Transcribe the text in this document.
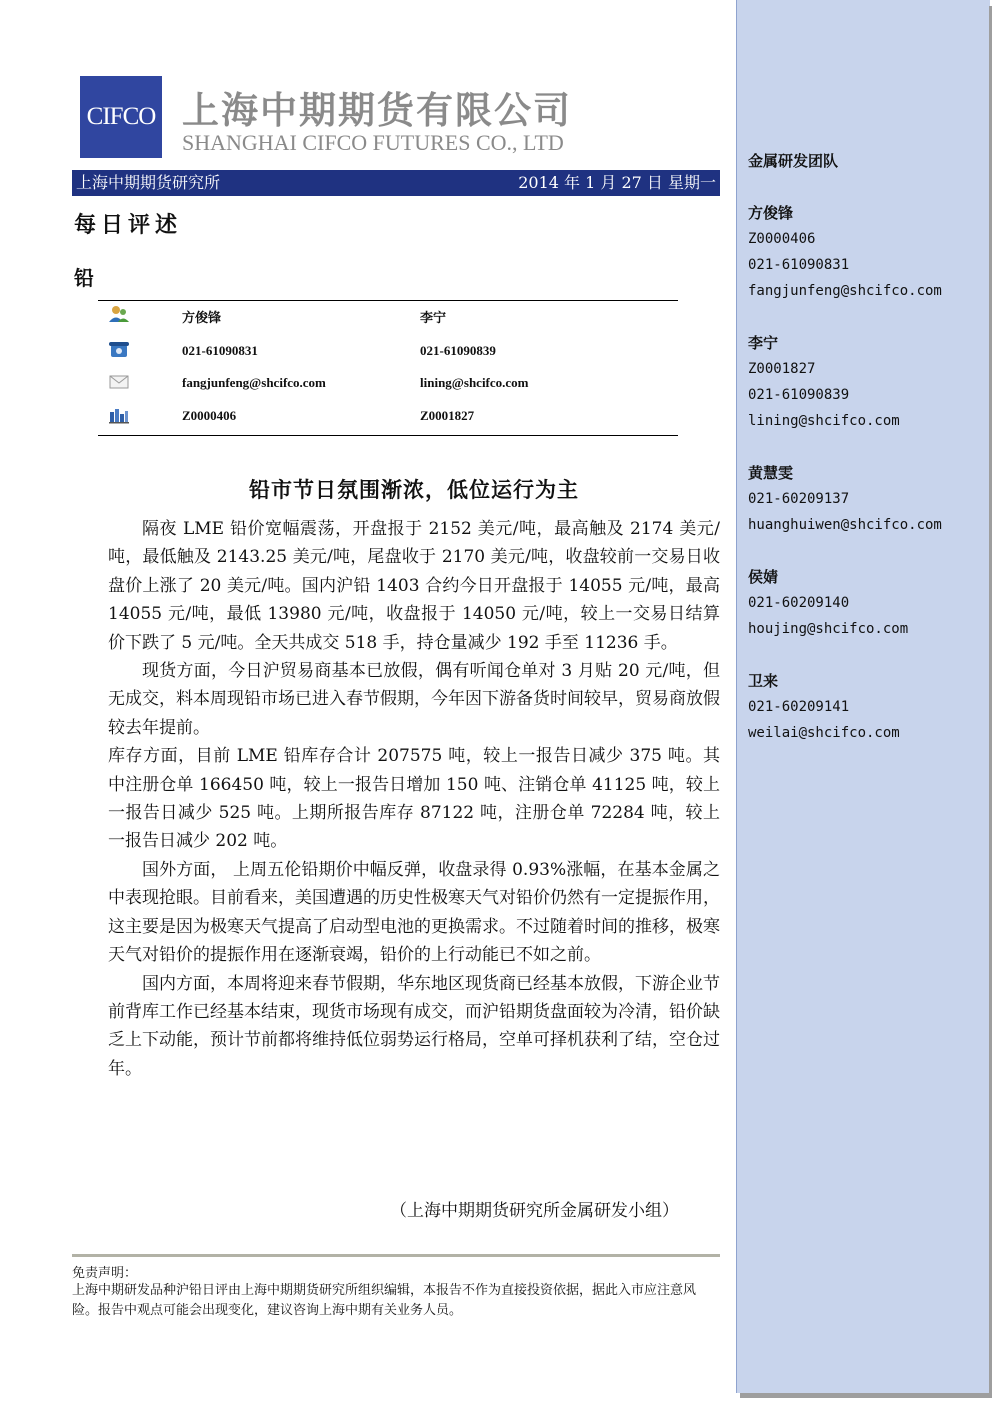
CIFCO 上海中期期货有限公司
SHANGHAI CIFCO FUTURES CO., LTD
上海中期期货研究所	2014 年 1 月 27 日 星期一
每日评述
铅
方俊锋	李宁
021-61090831	021-61090839
fangjunfeng@shcifco.com	lining@shcifco.com
Z0000406	Z0001827
铅市节日氛围渐浓，低位运行为主

隔夜 LME 铅价宽幅震荡，开盘报于 2152 美元/吨，最高触及 2174 美元/吨，最低触及 2143.25 美元/吨，尾盘收于 2170 美元/吨，收盘较前一交易日收盘价上涨了 20 美元/吨。国内沪铅 1403 合约今日开盘报于 14055 元/吨，最高 14055 元/吨，最低 13980 元/吨，收盘报于 14050 元/吨，较上一交易日结算价下跌了 5 元/吨。全天共成交 518 手，持仓量减少 192 手至 11236 手。

现货方面，今日沪贸易商基本已放假，偶有听闻仓单对 3 月贴 20 元/吨，但无成交，料本周现铅市场已进入春节假期，今年因下游备货时间较早，贸易商放假较去年提前。

库存方面，目前 LME 铅库存合计 207575 吨，较上一报告日减少 375 吨。其中注册仓单 166450 吨，较上一报告日增加 150 吨、注销仓单 41125 吨，较上一报告日减少 525 吨。上期所报告库存 87122 吨，注册仓单 72284 吨，较上一报告日减少 202 吨。

国外方面， 上周五伦铅期价中幅反弹，收盘录得 0.93%涨幅，在基本金属之中表现抢眼。目前看来，美国遭遇的历史性极寒天气对铅价仍然有一定提振作用，这主要是因为极寒天气提高了启动型电池的更换需求。不过随着时间的推移，极寒天气对铅价的提振作用在逐渐衰竭，铅价的上行动能已不如之前。

国内方面，本周将迎来春节假期，华东地区现货商已经基本放假，下游企业节前背库工作已经基本结束，现货市场现有成交，而沪铅期货盘面较为冷清，铅价缺乏上下动能，预计节前都将维持低位弱势运行格局，空单可择机获利了结，空仓过年。

（上海中期期货研究所金属研发小组）
免责声明：
上海中期研发品种沪铅日评由上海中期期货研究所组织编辑，本报告不作为直接投资依据，据此入市应注意风险。报告中观点可能会出现变化，建议咨询上海中期有关业务人员。
金属研发团队
方俊锋
Z0000406
021-61090831
fangjunfeng@shcifco.com
李宁
Z0001827
021-61090839
lining@shcifco.com
黄慧雯
021-60209137
huanghuiwen@shcifco.com
侯婧
021-60209140
houjing@shcifco.com
卫来
021-60209141
weilai@shcifco.com
